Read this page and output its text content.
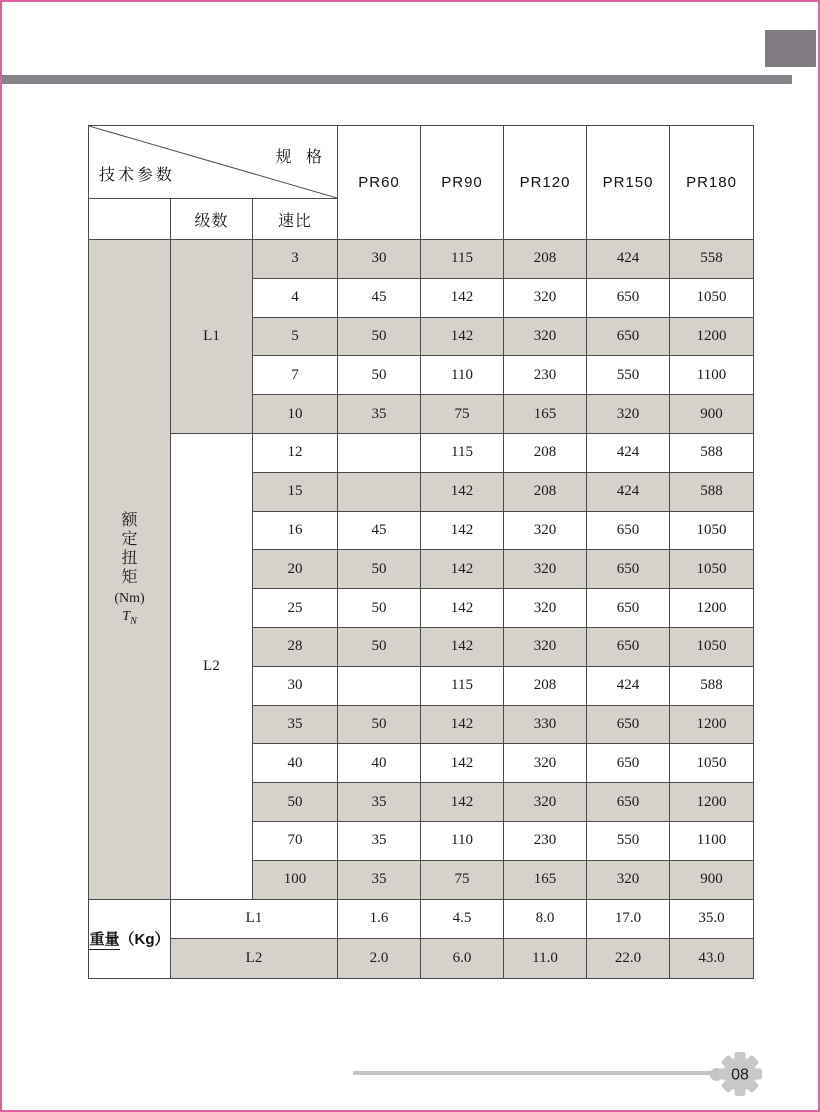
规 格
技术参数			PR60	PR90	PR120	PR150	PR180
	级数	速比					

额
定
扭
矩
(Nm)
$T_N$
	L1	3	30	115	208	424	558
		4	45	142	320	650	1050
		5	50	142	320	650	1200
		7	50	110	230	550	1100
		10	35	75	165	320	900
	L2	12		115	208	424	588
		15		142	208	424	588
		16	45	142	320	650	1050
		20	50	142	320	650	1050
		25	50	142	320	650	1200
		28	50	142	320	650	1050
		30		115	208	424	588
		35	50	142	330	650	1200
		40	40	142	320	650	1050
		50	35	142	320	650	1200
		70	35	110	230	550	1100
		100	35	75	165	320	900
重量（Kg）	L1		1.6	4.5	8.0	17.0	35.0
	L2		2.0	6.0	11.0	22.0	43.0
08
